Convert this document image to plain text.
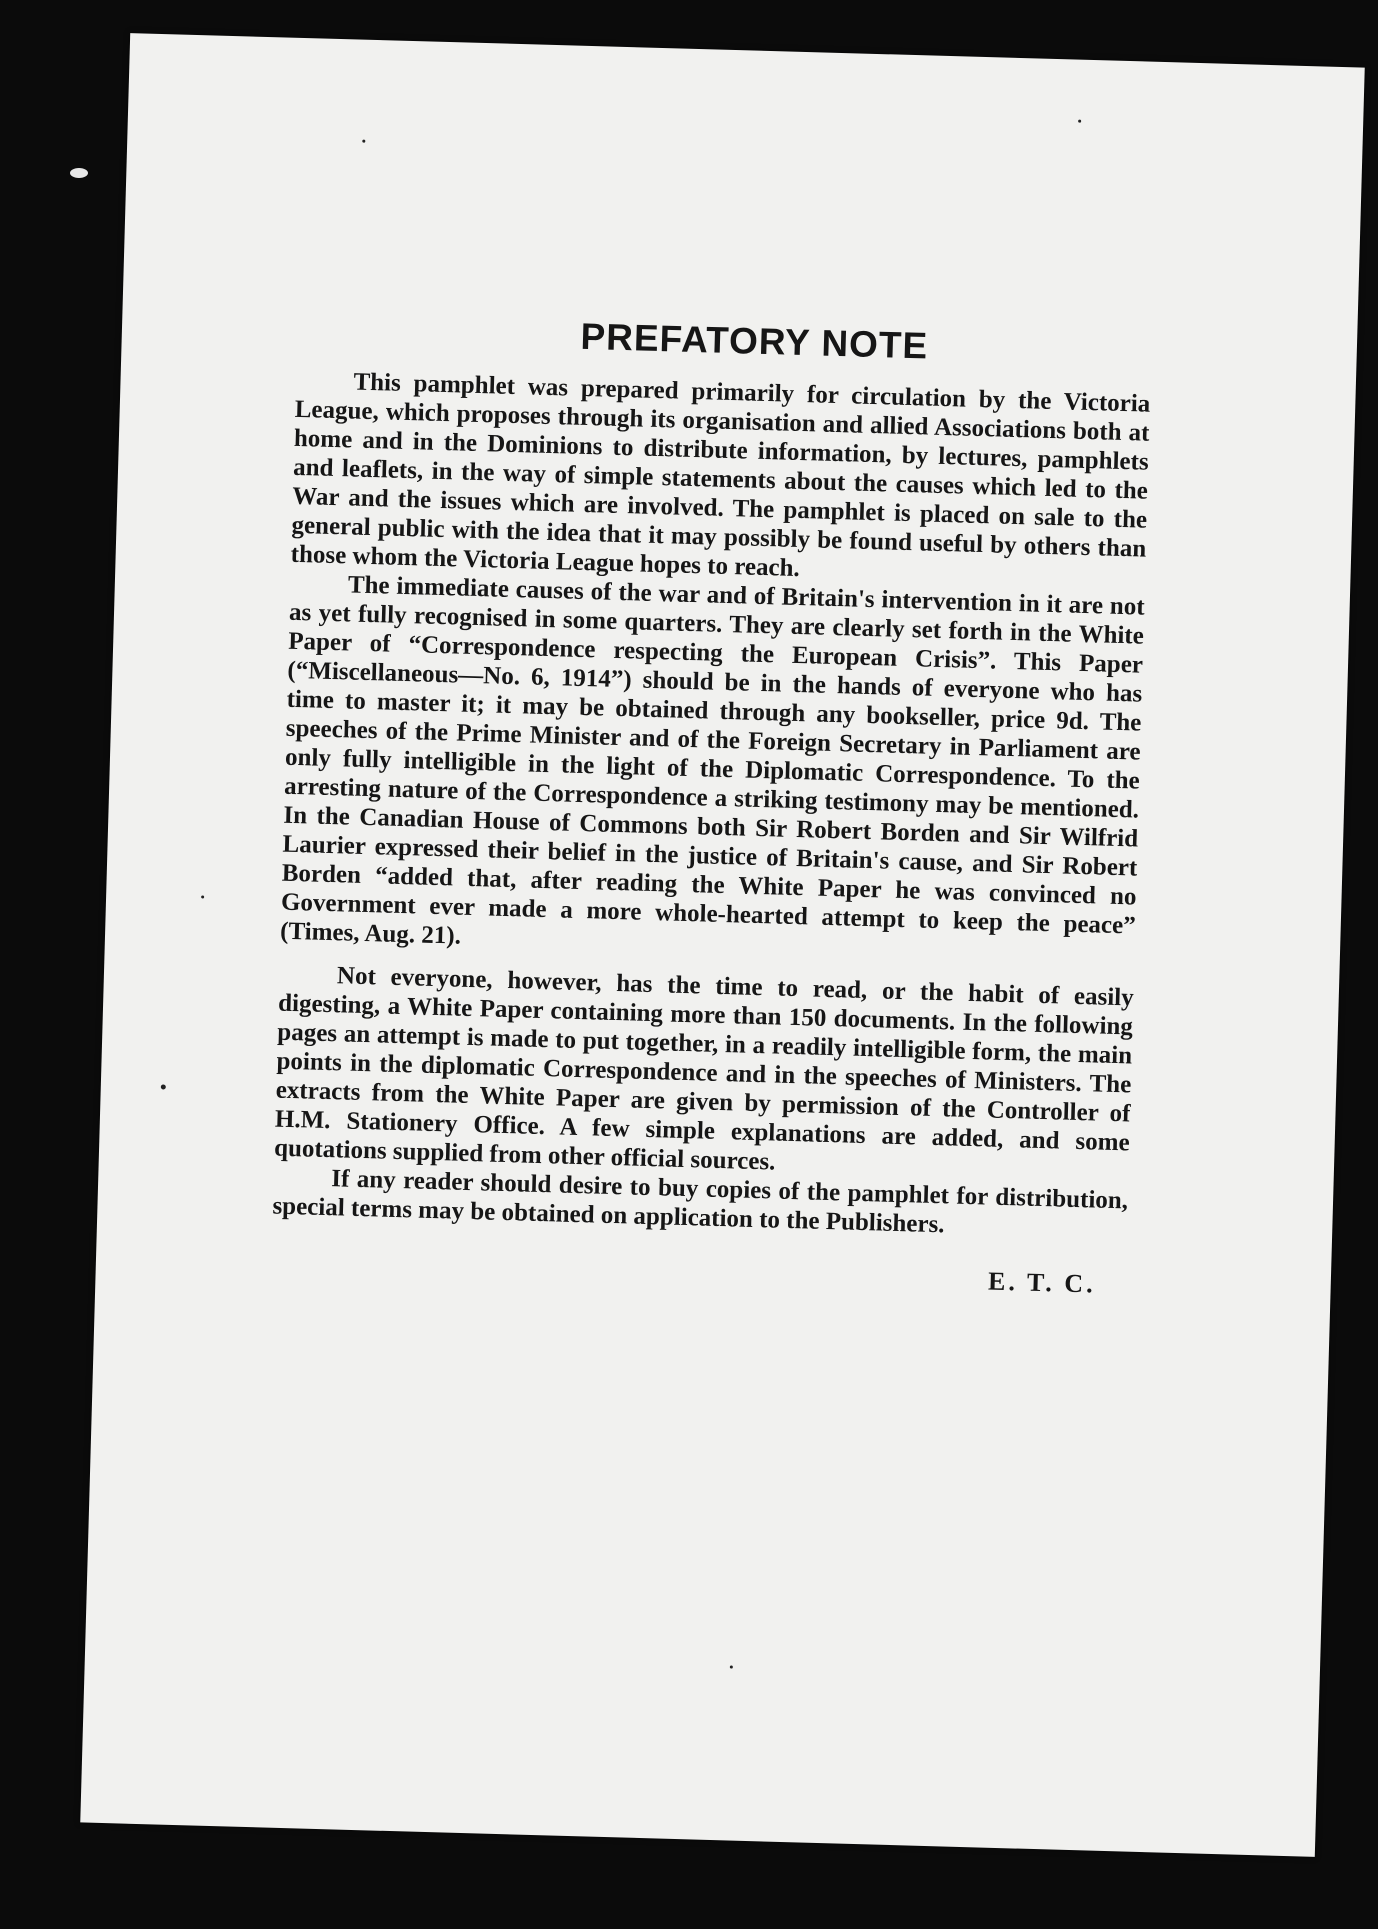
PREFATORY NOTE

This pamphlet was prepared primarily for circulation by the Victoria League, which proposes through its organisation and allied Associations both at home and in the Dominions to distribute information, by lectures, pamphlets and leaflets, in the way of simple statements about the causes which led to the War and the issues which are involved. The pamphlet is placed on sale to the general public with the idea that it may possibly be found useful by others than those whom the Victoria League hopes to reach.

The immediate causes of the war and of Britain's intervention in it are not as yet fully recognised in some quarters. They are clearly set forth in the White Paper of “Correspondence respecting the European Crisis”. This Paper (“Miscellaneous—No. 6, 1914”) should be in the hands of everyone who has time to master it; it may be obtained through any bookseller, price 9d. The speeches of the Prime Minister and of the Foreign Secretary in Parliament are only fully intelligible in the light of the Diplomatic Correspondence. To the arresting nature of the Correspondence a striking testimony may be mentioned. In the Canadian House of Commons both Sir Robert Borden and Sir Wilfrid Laurier expressed their belief in the justice of Britain's cause, and Sir Robert Borden “added that, after reading the White Paper he was convinced no Government ever made a more whole-hearted attempt to keep the peace” (Times, Aug. 21).

Not everyone, however, has the time to read, or the habit of easily digesting, a White Paper containing more than 150 documents. In the following pages an attempt is made to put together, in a readily intelligible form, the main points in the diplomatic Correspondence and in the speeches of Ministers. The extracts from the White Paper are given by permission of the Controller of H.M. Stationery Office. A few simple explanations are added, and some quotations supplied from other official sources.

If any reader should desire to buy copies of the pamphlet for distribution, special terms may be obtained on application to the Publishers.

E. T. C.
